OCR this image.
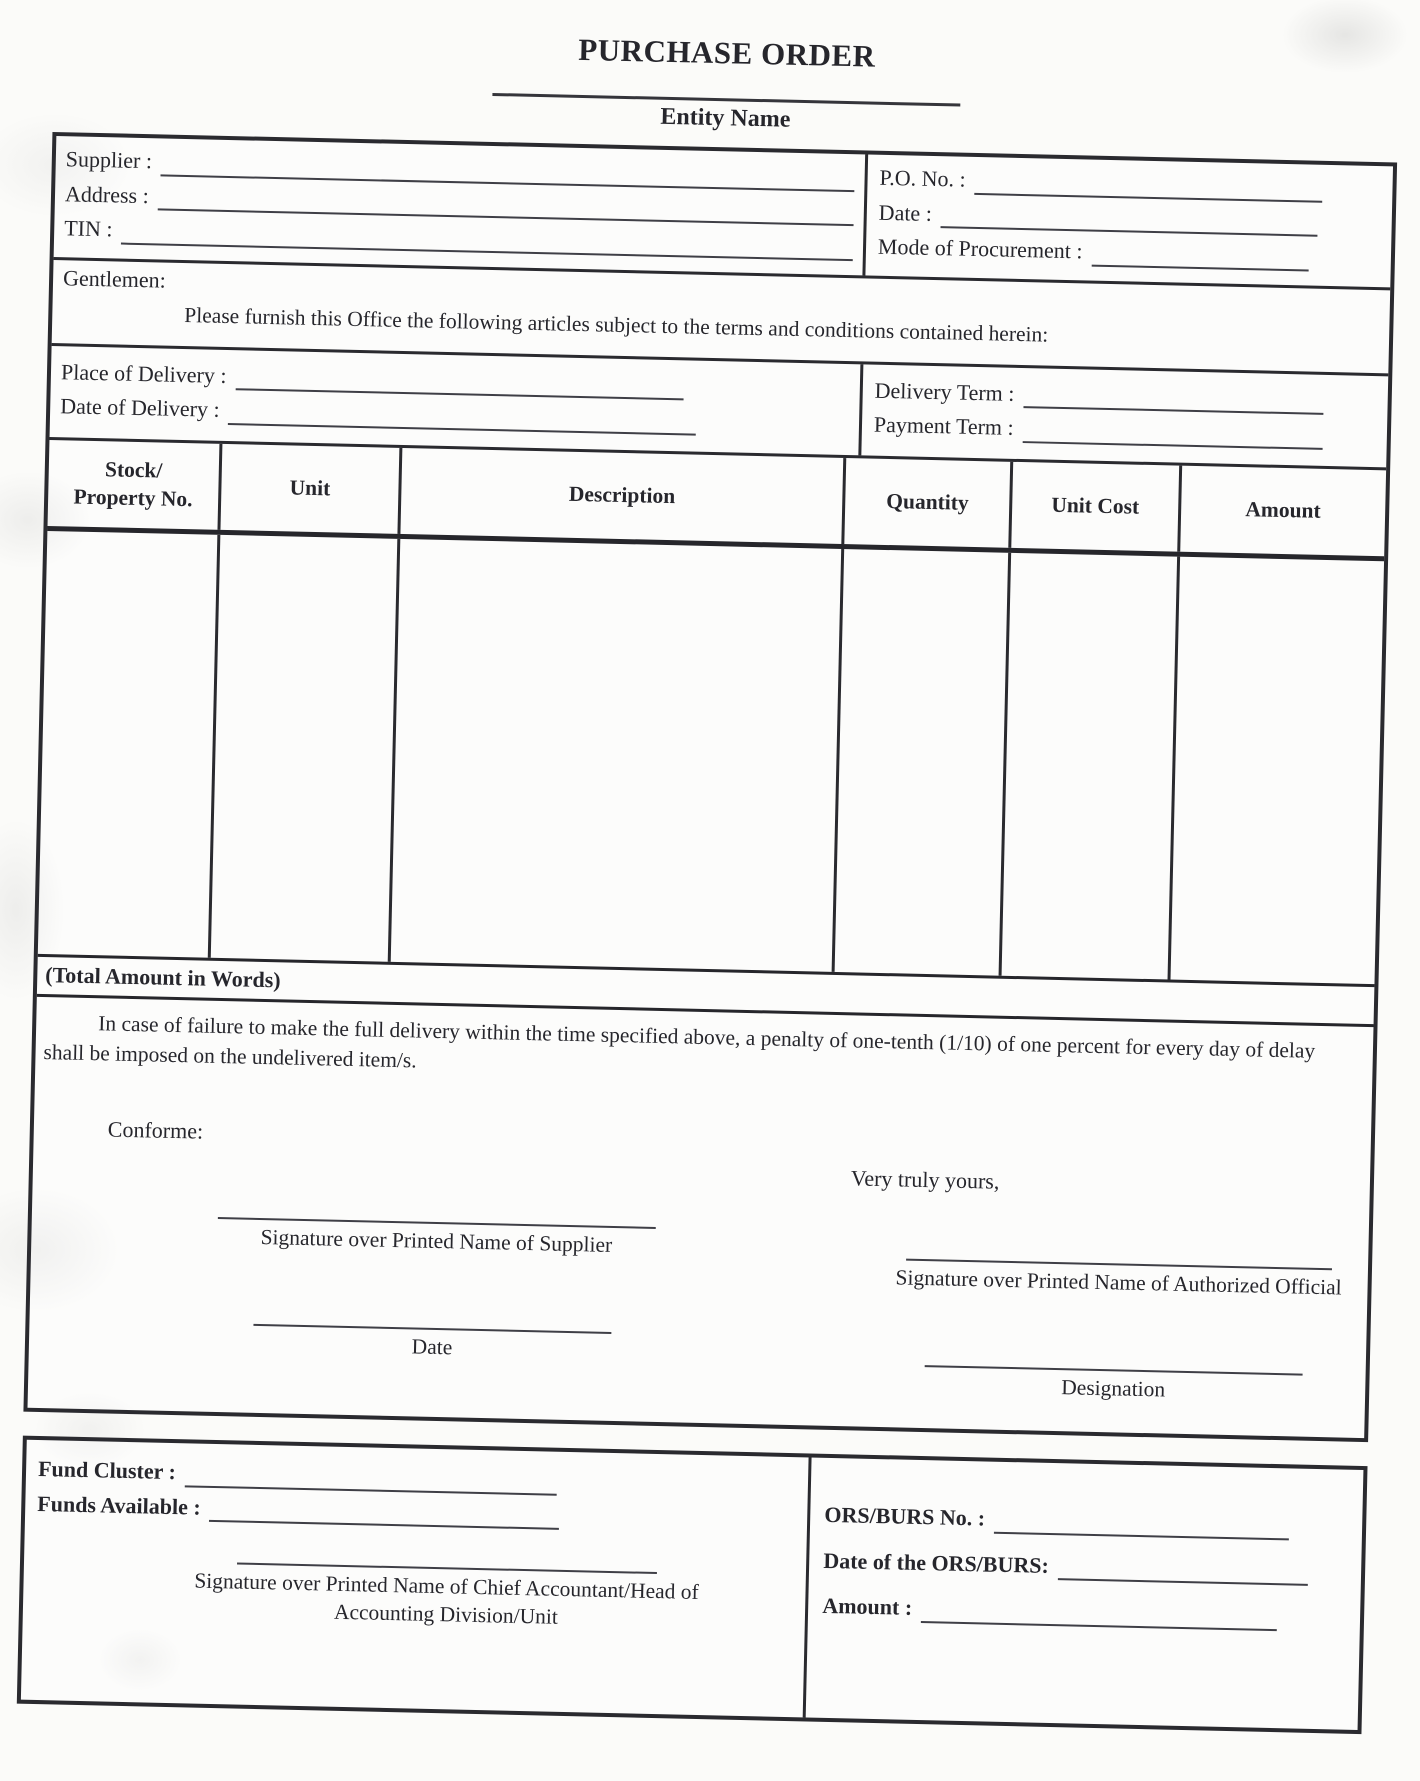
PURCHASE ORDER
Entity Name
Supplier :
Address :
TIN :
P.O. No. :
Date :
Mode of Procurement :
Gentlemen:
Please furnish this Office the following articles subject to the terms and conditions contained herein:
Place of Delivery :
Date of Delivery :
Delivery Term :
Payment Term :
Stock/
Property No.	Unit	Description	Quantity	Unit Cost	Amount
(Total Amount in Words)

In case of failure to make the full delivery within the time specified above, a penalty of one-tenth (1/10) of one percent for every day of delay shall be imposed on the undelivered item/s.

Conforme:
Very truly yours,
Signature over Printed Name of Supplier
Signature over Printed Name of Authorized Official
Date
Designation
Fund Cluster :
Funds Available :
Signature over Printed Name of Chief Accountant/Head of Accounting Division/Unit
ORS/BURS No. :
Date of the ORS/BURS:
Amount :
